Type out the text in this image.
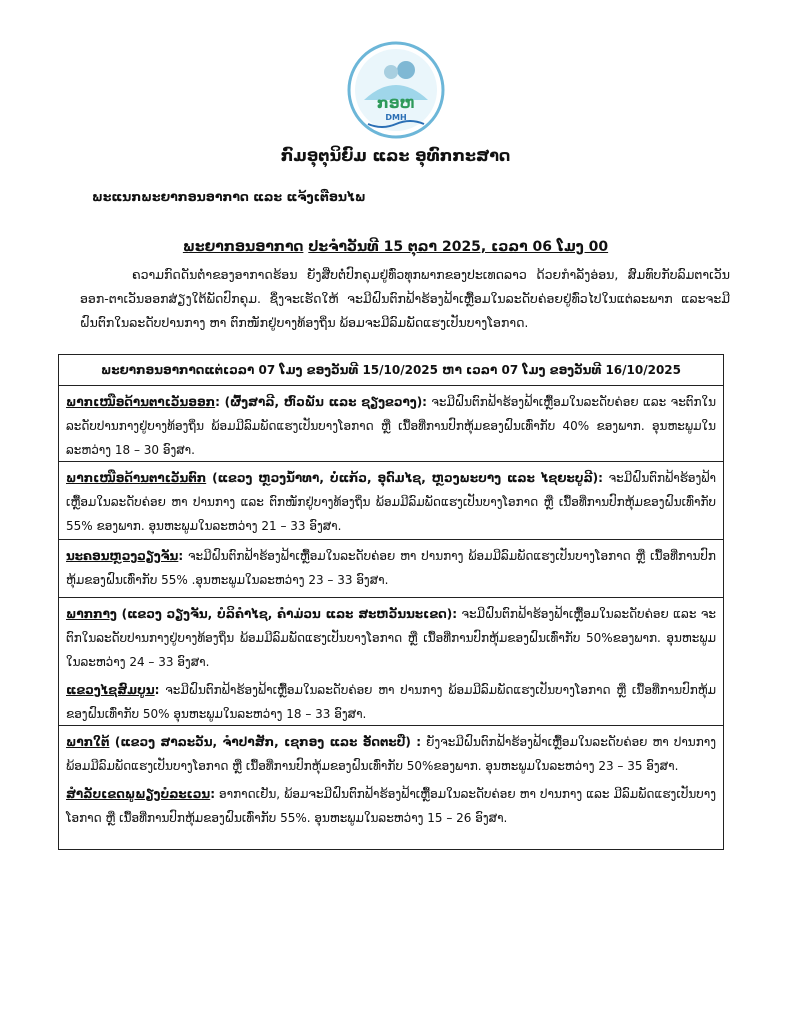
ກອຫ
DMH
ກົມອຸຕຸນິຍົມ ແລະ ອຸທົກກະສາດ
ພະແນກພະຍາກອນອາກາດ ແລະ ແຈ້ງເຕືອນໄພ
ພະຍາກອນອາກາດ ປະຈຳວັນທີ 15 ຕຸລາ 2025, ເວລາ 06 ໂມງ 00
ຄວາມກົດດັນຕ່ຳຂອງອາກາດຮ້ອນ ຍັງສືບຕໍ່ປົກຄຸມຢູ່ທົ່ວທຸກພາກຂອງປະເທດລາວ ດ້ວຍກຳລັງອ່ອນ, ສົມທົບກັບລົມຕາເວັນອອກ-ຕາເວັນອອກສ່ຽງໃຕ້ພັດປົກຄຸມ. ຊຶ່ງຈະເຮັດໃຫ້ ຈະມີຝົນຕົກຟ້າຮ້ອງຟ້າເຫຼື້ອມໃນລະດັບຄ່ອຍຢູ່ທົ່ວໄປໃນແຕ່ລະພາກ ແລະຈະມີຝົນຕົກໃນລະດັບປານກາງ ຫາ ຕົກໜັກຢູ່ບາງທ້ອງຖິ່ນ ພ້ອມຈະມີລົມພັດແຮງເປັນບາງໂອກາດ.
ພະຍາກອນອາກາດແຕ່ເວລາ 07 ໂມງ ຂອງວັນທີ 15/10/2025 ຫາ ເວລາ 07 ໂມງ ຂອງວັນທີ 16/10/2025
ພາກເໜືອດ້ານຕາເວັນອອກ: (ຜົ້ງສາລີ, ຫົວພັນ ແລະ ຊຽງຂວາງ): ຈະມີຝົນຕົກຟ້າຮ້ອງຟ້າເຫຼື້ອມໃນລະດັບຄ່ອຍ ແລະ ຈະຕົກໃນລະດັບປານກາງຢູ່ບາງທ້ອງຖິ່ນ ພ້ອມມີລົມພັດແຮງເປັນບາງໂອກາດ ຫຼື ເນື້ອທີ່ການປົກຫຸ້ມຂອງຝົນເທົ່າກັບ 40% ຂອງພາກ. ອຸນຫະພູມໃນລະຫວ່າງ 18 – 30 ອົງສາ.
ພາກເໜືອດ້ານຕາເວັນຕົກ (ແຂວງ ຫຼວງນ້ຳທາ, ບໍ່ແກ້ວ, ອຸດົມໄຊ, ຫຼວງພະບາງ ແລະ ໄຊຍະບູລີ): ຈະມີຝົນຕົກຟ້າຮ້ອງຟ້າເຫຼື້ອມໃນລະດັບຄ່ອຍ ຫາ ປານກາງ ແລະ ຕົກໜັກຢູ່ບາງທ້ອງຖິ່ນ ພ້ອມມີລົມພັດແຮງເປັນບາງໂອກາດ ຫຼື ເນື້ອທີ່ການປົກຫຸ້ມຂອງຝົນເທົ່າກັບ 55% ຂອງພາກ. ອຸນຫະພູມໃນລະຫວ່າງ 21 – 33 ອົງສາ.
ນະຄອນຫຼວງວຽງຈັນ: ຈະມີຝົນຕົກຟ້າຮ້ອງຟ້າເຫຼື້ອມໃນລະດັບຄ່ອຍ ຫາ ປານກາງ ພ້ອມມີລົມພັດແຮງເປັນບາງໂອກາດ ຫຼື ເນື້ອທີ່ການປົກຫຸ້ມຂອງຝົນເທົ່າກັບ 55% .ອຸນຫະພູມໃນລະຫວ່າງ 23 – 33 ອົງສາ.
ພາກກາງ (ແຂວງ ວຽງຈັນ, ບໍລິຄຳໄຊ, ຄຳມ່ວນ ແລະ ສະຫວັນນະເຂດ): ຈະມີຝົນຕົກຟ້າຮ້ອງຟ້າເຫຼື້ອມໃນລະດັບຄ່ອຍ ແລະ ຈະຕົກໃນລະດັບປານກາງຢູ່ບາງທ້ອງຖິ່ນ ພ້ອມມີລົມພັດແຮງເປັນບາງໂອກາດ ຫຼື ເນື້ອທີ່ການປົກຫຸ້ມຂອງຝົນເທົ່າກັບ 50%ຂອງພາກ. ອຸນຫະພູມໃນລະຫວ່າງ 24 – 33 ອົງສາ.
ແຂວງໄຊສົມບູນ: ຈະມີຝົນຕົກຟ້າຮ້ອງຟ້າເຫຼື້ອມໃນລະດັບຄ່ອຍ ຫາ ປານກາງ ພ້ອມມີລົມພັດແຮງເປັນບາງໂອກາດ ຫຼື ເນື້ອທີ່ການປົກຫຸ້ມຂອງຝົນເທົ່າກັບ 50% ອຸນຫະພູມໃນລະຫວ່າງ 18 – 33 ອົງສາ.
ພາກໃຕ້ (ແຂວງ ສາລະວັນ, ຈຳປາສັກ, ເຊກອງ ແລະ ອັດຕະປື) : ຍັງຈະມີຝົນຕົກຟ້າຮ້ອງຟ້າເຫຼື້ອມໃນລະດັບຄ່ອຍ ຫາ ປານກາງ ພ້ອມມີລົມພັດແຮງເປັນບາງໂອກາດ ຫຼື ເນື້ອທີ່ການປົກຫຸ້ມຂອງຝົນເທົ່າກັບ 50%ຂອງພາກ. ອຸນຫະພູມໃນລະຫວ່າງ 23 – 35 ອົງສາ.
ສຳລັບເຂດພູພຽງບໍລະເວນ: ອາກາດເຢັນ, ພ້ອມຈະມີຝົນຕົກຟ້າຮ້ອງຟ້າເຫຼື້ອມໃນລະດັບຄ່ອຍ ຫາ ປານກາງ ແລະ ມີລົມພັດແຮງເປັນບາງໂອກາດ ຫຼື ເນື້ອທີ່ການປົກຫຸ້ມຂອງຝົນເທົ່າກັບ 55%. ອຸນຫະພູມໃນລະຫວ່າງ 15 – 26 ອົງສາ.
